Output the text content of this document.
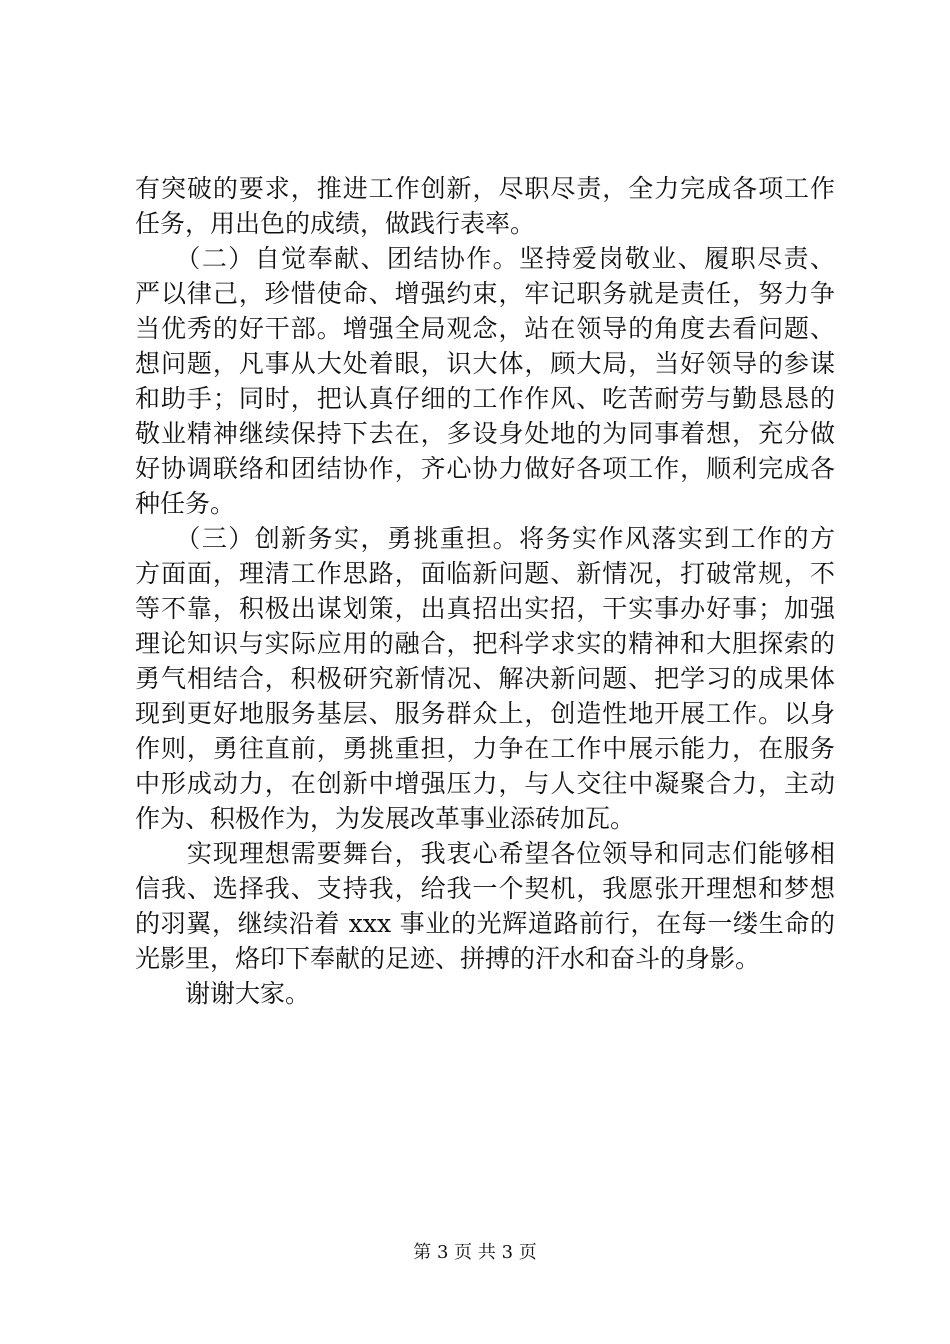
有突破的要求，推进工作创新，尽职尽责，全力完成各项工作
任务，用出色的成绩，做践行表率。
　　（二）自觉奉献、团结协作。坚持爱岗敬业、履职尽责、
严以律己，珍惜使命、增强约束，牢记职务就是责任，努力争
当优秀的好干部。增强全局观念，站在领导的角度去看问题、
想问题，凡事从大处着眼，识大体，顾大局，当好领导的参谋
和助手；同时，把认真仔细的工作作风、吃苦耐劳与勤恳恳的
敬业精神继续保持下去在，多设身处地的为同事着想，充分做
好协调联络和团结协作，齐心协力做好各项工作，顺利完成各
种任务。
　　（三）创新务实，勇挑重担。将务实作风落实到工作的方
方面面，理清工作思路，面临新问题、新情况，打破常规，不
等不靠，积极出谋划策，出真招出实招，干实事办好事；加强
理论知识与实际应用的融合，把科学求实的精神和大胆探索的
勇气相结合，积极研究新情况、解决新问题、把学习的成果体
现到更好地服务基层、服务群众上，创造性地开展工作。以身
作则，勇往直前，勇挑重担，力争在工作中展示能力，在服务
中形成动力，在创新中增强压力，与人交往中凝聚合力，主动
作为、积极作为，为发展改革事业添砖加瓦。
　　实现理想需要舞台，我衷心希望各位领导和同志们能够相
信我、选择我、支持我，给我一个契机，我愿张开理想和梦想
的羽翼，继续沿着 xxx 事业的光辉道路前行，在每一缕生命的
光影里，烙印下奉献的足迹、拼搏的汗水和奋斗的身影。
　　谢谢大家。
第 3 页 共 3 页
